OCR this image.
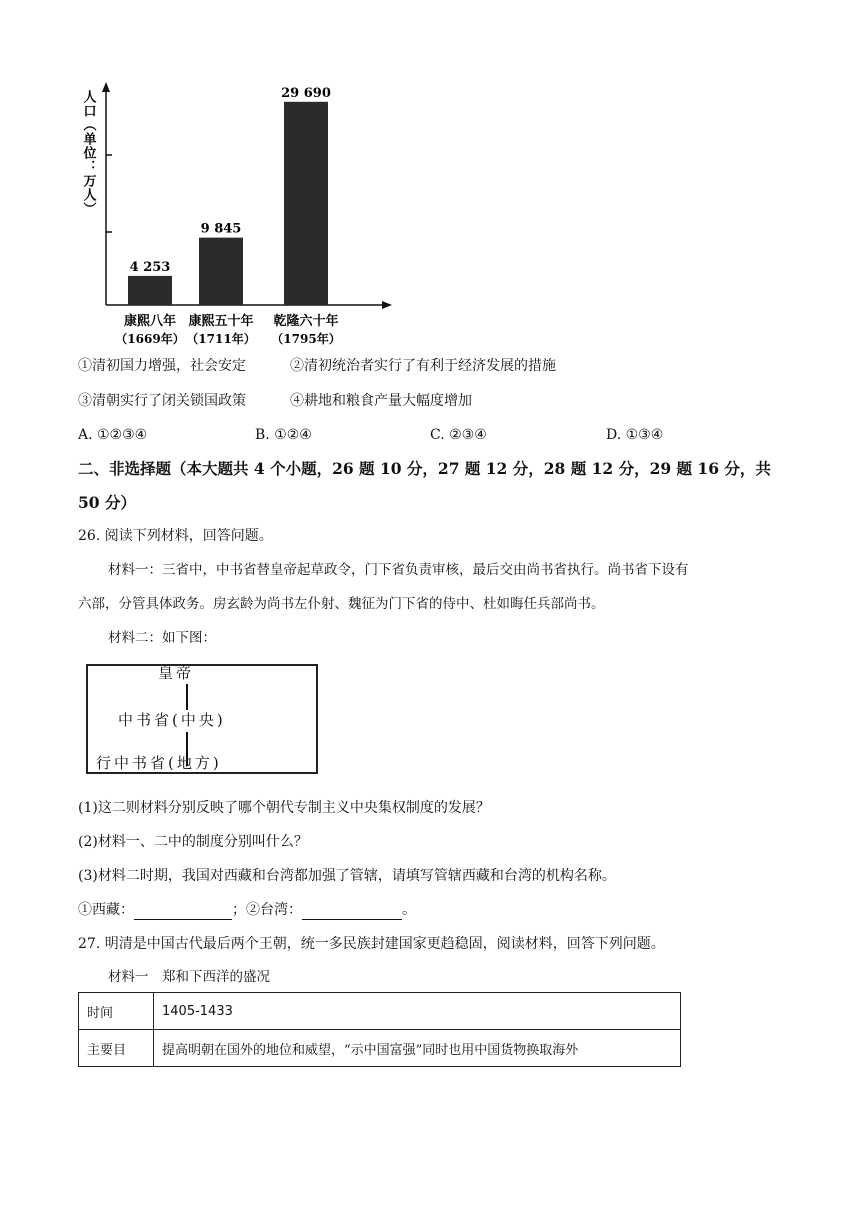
人口（单位：万人）
4 253
康熙八年
（1669年）
9 845
康熙五十年
（1711年）
29 690
乾隆六十年
（1795年）
①清初国力增强，社会安定	②清初统治者实行了有利于经济发展的措施
③清朝实行了闭关锁国政策	④耕地和粮食产量大幅度增加
A. ①②③④	B. ①②④	C. ②③④	D. ①③④
二、非选择题（本大题共 4 个小题，26 题 10 分，27 题 12 分，28 题 12 分，29 题 16 分，共
50 分）
26. 阅读下列材料，回答问题。
材料一：三省中，中书省替皇帝起草政令，门下省负责审核，最后交由尚书省执行。尚书省下设有
六部，分管具体政务。房玄龄为尚书左仆射、魏征为门下省的侍中、杜如晦任兵部尚书。
材料二：如下图：
皇帝
中书省(中央)
行中书省(地方)
(1)这二则材料分别反映了哪个朝代专制主义中央集权制度的发展？
(2)材料一、二中的制度分别叫什么？
(3)材料二时期，我国对西藏和台湾都加强了管辖，请填写管辖西藏和台湾的机构名称。
①西藏：	；②台湾：	。
27. 明清是中国古代最后两个王朝，统一多民族封建国家更趋稳固，阅读材料，回答下列问题。
材料一　郑和下西洋的盛况
时间	1405-1433
主要目	提高明朝在国外的地位和威望，“示中国富强”同时也用中国货物换取海外
